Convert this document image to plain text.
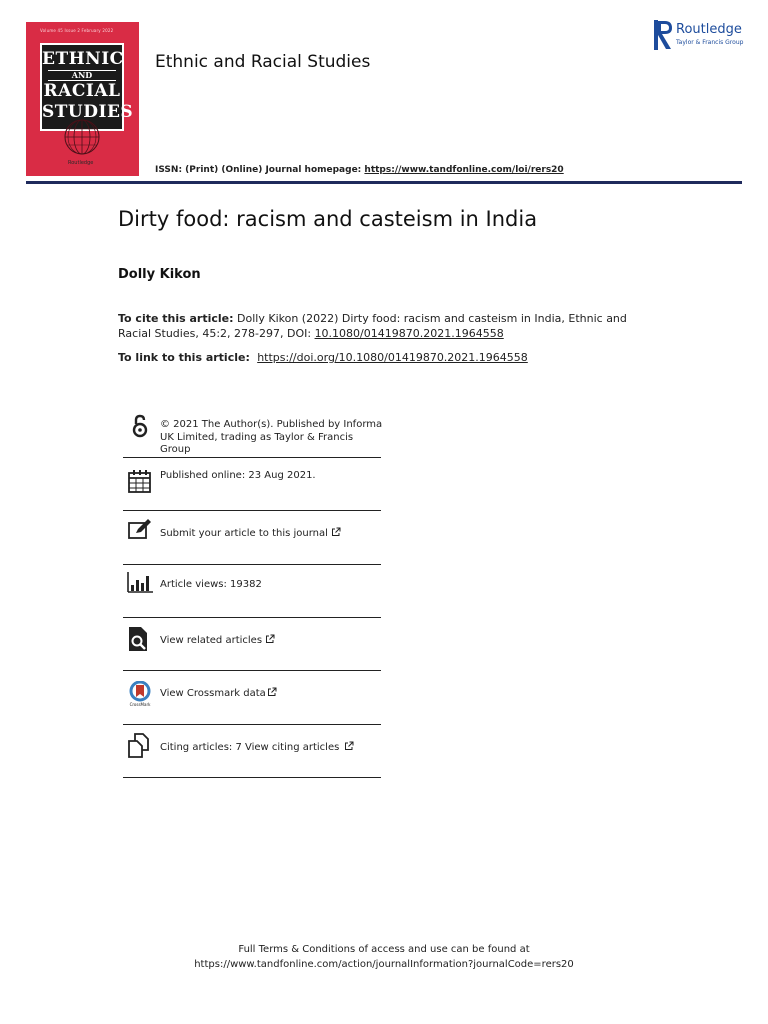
Volume 45 Issue 2 February 2022
ETHNIC
AND
RACIAL
STUDIES
Routledge
Ethnic and Racial Studies
ISSN: (Print) (Online) Journal homepage: https://www.tandfonline.com/loi/rers20
Routledge
Taylor & Francis Group
Dirty food: racism and casteism in India
Dolly Kikon
To cite this article: Dolly Kikon (2022) Dirty food: racism and casteism in India, Ethnic and Racial Studies, 45:2, 278-297, DOI: 10.1080/01419870.2021.1964558
To link to this article:  https://doi.org/10.1080/01419870.2021.1964558
© 2021 The Author(s). Published by Informa UK Limited, trading as Taylor & Francis Group
Published online: 23 Aug 2021.
Submit your article to this journal
Article views: 19382
View related articles
CrossMark
View Crossmark data
Citing articles: 7 View citing articles
Full Terms & Conditions of access and use can be found at
https://www.tandfonline.com/action/journalInformation?journalCode=rers20
